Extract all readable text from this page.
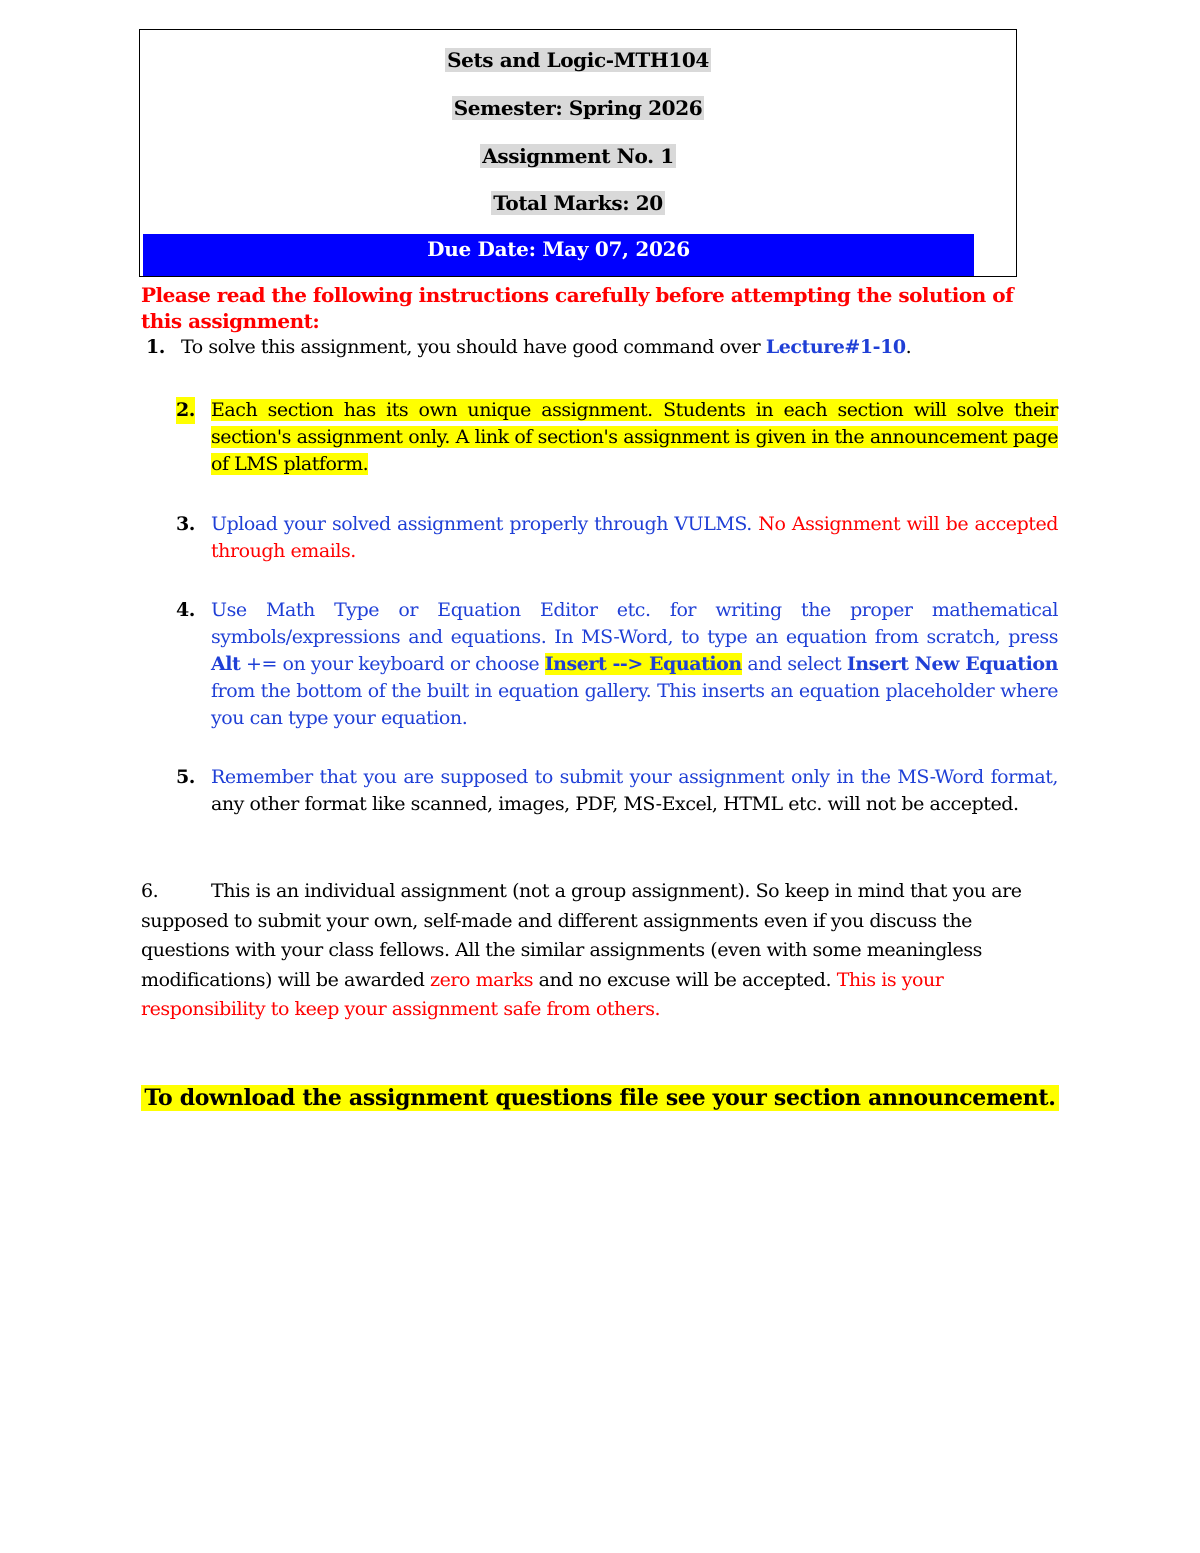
Sets and Logic-MTH104
Semester: Spring 2026
Assignment No. 1
Total Marks: 20
Due Date: May 07, 2026
Please read the following instructions carefully before attempting the solution of this assignment:
1. To solve this assignment, you should have good command over Lecture#1-10.
2. Each section has its own unique assignment. Students in each section will solve their section's assignment only. A link of section's assignment is given in the announcement page of LMS platform.
3. Upload your solved assignment properly through VULMS. No Assignment will be accepted through emails.
4. Use Math Type or Equation Editor etc. for writing the proper mathematical symbols/expressions and equations. In MS-Word, to type an equation from scratch, press Alt += on your keyboard or choose Insert --> Equation and select Insert New Equation from the bottom of the built in equation gallery. This inserts an equation placeholder where you can type your equation.
5. Remember that you are supposed to submit your assignment only in the MS-Word format, any other format like scanned, images, PDF, MS-Excel, HTML etc. will not be accepted.
6.	This is an individual assignment (not a group assignment). So keep in mind that you are supposed to submit your own, self-made and different assignments even if you discuss the questions with your class fellows. All the similar assignments (even with some meaningless modifications) will be awarded zero marks and no excuse will be accepted. This is your responsibility to keep your assignment safe from others.
To download the assignment questions file see your section announcement.
